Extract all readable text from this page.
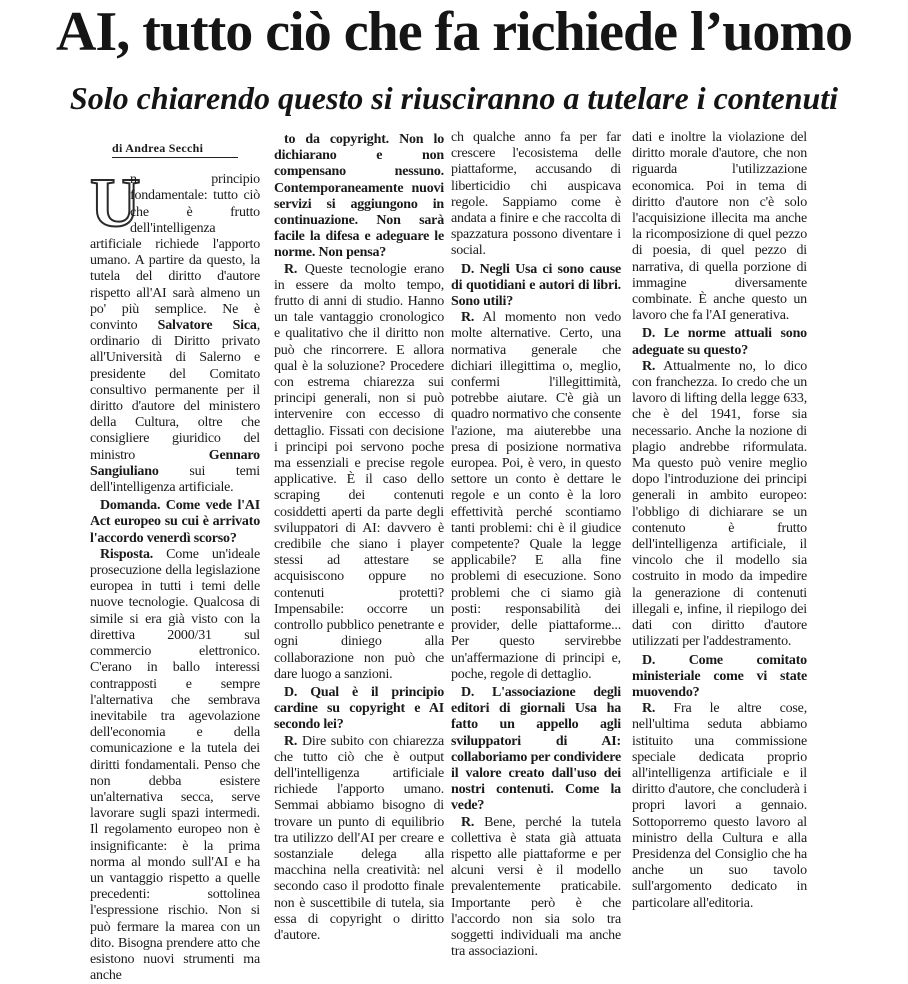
AI, tutto ciò che fa richiede l’uomo
Solo chiarendo questo si riusciranno a tutelare i contenuti
di Andrea Secchi

U
n principio fondamentale: tutto ciò che è frutto dell'intelligenza artificiale richiede l'apporto umano. A partire da questo, la tutela del diritto d'autore rispetto all'AI sarà almeno un po' più semplice. Ne è convinto Salvatore Sica, ordinario di Diritto privato all'Università di Salerno e presidente del Comitato consultivo permanente per il diritto d'autore del ministero della Cultura, oltre che consigliere giuridico del ministro Gennaro Sangiuliano sui temi dell'intelligenza artificiale.

Domanda. Come vede l'AI Act europeo su cui è arrivato l'accordo venerdì scorso?

Risposta. Come un'ideale prosecuzione della legislazione europea in tutti i temi delle nuove tecnologie. Qualcosa di simile si era già visto con la direttiva 2000/31 sul commercio elettronico. C'erano in ballo interessi contrapposti e sempre l'alternativa che sembrava inevitabile tra agevolazione dell'economia e della comunicazione e la tutela dei diritti fondamentali. Penso che non debba esistere un'alternativa secca, serve lavorare sugli spazi intermedi. Il regolamento europeo non è insignificante: è la prima norma al mondo sull'AI e ha un vantaggio rispetto a quelle precedenti: sottolinea l'espressione rischio. Non si può fermare la marea con un dito. Bisogna prendere atto che esistono nuovi strumenti ma anche

to da copyright. Non lo dichiarano e non compensano nessuno. Contemporaneamente nuovi servizi si aggiungono in continuazione. Non sarà facile la difesa e adeguare le norme. Non pensa?

R. Queste tecnologie erano in essere da molto tempo, frutto di anni di studio. Hanno un tale vantaggio cronologico e qualitativo che il diritto non può che rincorrere. E allora qual è la soluzione? Procedere con estrema chiarezza sui principi generali, non si può intervenire con eccesso di dettaglio. Fissati con decisione i principi poi servono poche ma essenziali e precise regole applicative. È il caso dello scraping dei contenuti cosiddetti aperti da parte degli sviluppatori di AI: davvero è credibile che siano i player stessi ad attestare se acquisiscono oppure no contenuti protetti? Impensabile: occorre un controllo pubblico penetrante e ogni diniego alla collaborazione non può che dare luogo a sanzioni.

D. Qual è il principio cardine su copyright e AI secondo lei?

R. Dire subito con chiarezza che tutto ciò che è output dell'intelligenza artificiale richiede l'apporto umano. Semmai abbiamo bisogno di trovare un punto di equilibrio tra utilizzo dell'AI per creare e sostanziale delega alla macchina nella creatività: nel secondo caso il prodotto finale non è suscettibile di tutela, sia essa di copyright o diritto d'autore.

ch qualche anno fa per far crescere l'ecosistema delle piattaforme, accusando di liberticidio chi auspicava regole. Sappiamo come è andata a finire e che raccolta di spazzatura possono diventare i social.

D. Negli Usa ci sono cause di quotidiani e autori di libri. Sono utili?

R. Al momento non vedo molte alternative. Certo, una normativa generale che dichiari illegittima o, meglio, confermi l'illegittimità, potrebbe aiutare. C'è già un quadro normativo che consente l'azione, ma aiuterebbe una presa di posizione normativa europea. Poi, è vero, in questo settore un conto è dettare le regole e un conto è la loro effettività perché scontiamo tanti problemi: chi è il giudice competente? Quale la legge applicabile? E alla fine problemi di esecuzione. Sono problemi che ci siamo già posti: responsabilità dei provider, delle piattaforme... Per questo servirebbe un'affermazione di principi e, poche, regole di dettaglio.

D. L'associazione degli editori di giornali Usa ha fatto un appello agli sviluppatori di AI: collaboriamo per condividere il valore creato dall'uso dei nostri contenuti. Come la vede?

R. Bene, perché la tutela collettiva è stata già attuata rispetto alle piattaforme e per alcuni versi è il modello prevalentemente praticabile. Importante però è che l'accordo non sia solo tra soggetti individuali ma anche tra associazioni.

dati e inoltre la violazione del diritto morale d'autore, che non riguarda l'utilizzazione economica. Poi in tema di diritto d'autore non c'è solo l'acquisizione illecita ma anche la ricomposizione di quel pezzo di poesia, di quel pezzo di narrativa, di quella porzione di immagine diversamente combinate. È anche questo un lavoro che fa l'AI generativa.

D. Le norme attuali sono adeguate su questo?

R. Attualmente no, lo dico con franchezza. Io credo che un lavoro di lifting della legge 633, che è del 1941, forse sia necessario. Anche la nozione di plagio andrebbe riformulata. Ma questo può venire meglio dopo l'introduzione dei principi generali in ambito europeo: l'obbligo di dichiarare se un contenuto è frutto dell'intelligenza artificiale, il vincolo che il modello sia costruito in modo da impedire la generazione di contenuti illegali e, infine, il riepilogo dei dati con diritto d'autore utilizzati per l'addestramento.

D. Come comitato ministeriale come vi state muovendo?

R. Fra le altre cose, nell'ultima seduta abbiamo istituito una commissione speciale dedicata proprio all'intelligenza artificiale e il diritto d'autore, che concluderà i propri lavori a gennaio. Sottoporremo questo lavoro al ministro della Cultura e alla Presidenza del Consiglio che ha anche un suo tavolo sull'argomento dedicato in particolare all'editoria.
